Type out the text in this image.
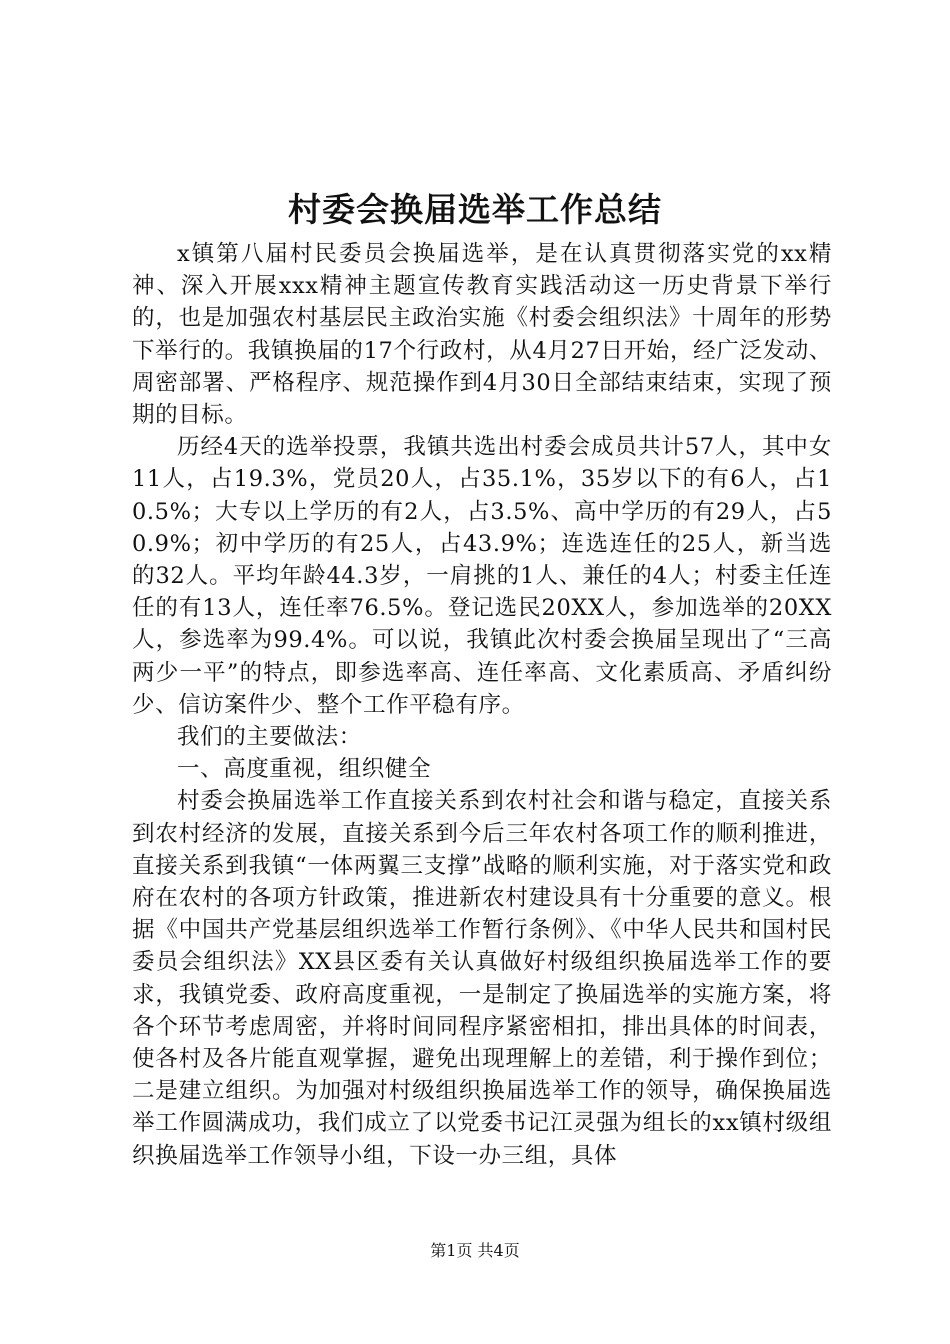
村委会换届选举工作总结

x镇第八届村民委员会换届选举，是在认真贯彻落实党的xx精神、深入开展xxx精神主题宣传教育实践活动这一历史背景下举行的，也是加强农村基层民主政治实施《村委会组织法》十周年的形势下举行的。我镇换届的17个行政村，从4月27日开始，经广泛发动、周密部署、严格程序、规范操作到4月30日全部结束结束，实现了预期的目标。

历经4天的选举投票，我镇共选出村委会成员共计57人，其中女11人，占19.3%，党员20人，占35.1%，35岁以下的有6人，占10.5%；大专以上学历的有2人，占3.5%、高中学历的有29人，占50.9%；初中学历的有25人，占43.9%；连选连任的25人，新当选的32人。平均年龄44.3岁，一肩挑的1人、兼任的4人；村委主任连任的有13人，连任率76.5%。登记选民20XX人，参加选举的20XX人，参选率为99.4%。可以说，我镇此次村委会换届呈现出了“三高两少一平”的特点，即参选率高、连任率高、文化素质高、矛盾纠纷少、信访案件少、整个工作平稳有序。

我们的主要做法：

一、高度重视，组织健全

村委会换届选举工作直接关系到农村社会和谐与稳定，直接关系到农村经济的发展，直接关系到今后三年农村各项工作的顺利推进，直接关系到我镇“一体两翼三支撑”战略的顺利实施，对于落实党和政府在农村的各项方针政策，推进新农村建设具有十分重要的意义。根据《中国共产党基层组织选举工作暂行条例》、《中华人民共和国村民委员会组织法》XX县区委有关认真做好村级组织换届选举工作的要求，我镇党委、政府高度重视，一是制定了换届选举的实施方案，将各个环节考虑周密，并将时间同程序紧密相扣，排出具体的时间表，使各村及各片能直观掌握，避免出现理解上的差错，利于操作到位；二是建立组织。为加强对村级组织换届选举工作的领导，确保换届选举工作圆满成功，我们成立了以党委书记江灵强为组长的xx镇村级组织换届选举工作领导小组，下设一办三组，具体

第1页 共4页
